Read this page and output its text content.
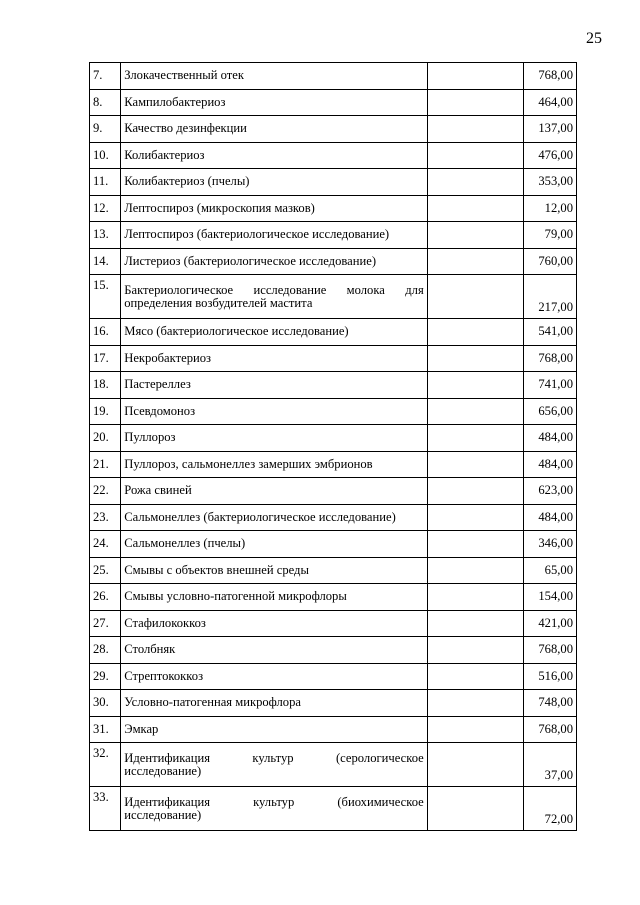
25
7.	Злокачественный отек		768,00
8.	Кампилобактериоз		464,00
9.	Качество дезинфекции		137,00
10.	Колибактериоз		476,00
11.	Колибактериоз (пчелы)		353,00
12.	Лептоспироз (микроскопия мазков)		12,00
13.	Лептоспироз (бактериологическое исследование)		79,00
14.	Листериоз (бактериологическое исследование)		760,00
15.	Бактериологическое исследование молока для определения возбудителей мастита		217,00
16.	Мясо (бактериологическое исследование)		541,00
17.	Некробактериоз		768,00
18.	Пастереллез		741,00
19.	Псевдомоноз		656,00
20.	Пуллороз		484,00
21.	Пуллороз, сальмонеллез замерших эмбрионов		484,00
22.	Рожа свиней		623,00
23.	Сальмонеллез (бактериологическое исследование)		484,00
24.	Сальмонеллез (пчелы)		346,00
25.	Смывы с объектов внешней среды		65,00
26.	Смывы условно-патогенной микрофлоры		154,00
27.	Стафилококкоз		421,00
28.	Столбняк		768,00
29.	Стрептококкоз		516,00
30.	Условно-патогенная микрофлора		748,00
31.	Эмкар		768,00
32.	Идентификация культур (серологическое исследование)		37,00
33.	Идентификация культур (биохимическое исследование)		72,00
